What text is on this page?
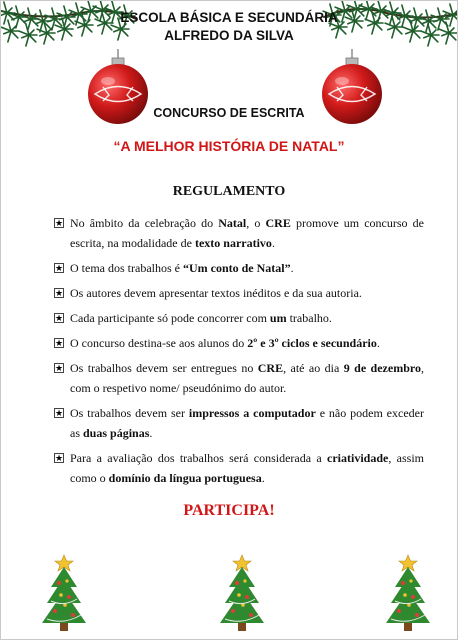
ESCOLA BÁSICA E SECUNDÁRIA
ALFREDO DA SILVA
CONCURSO DE ESCRITA
“A MELHOR HISTÓRIA DE NATAL”
REGULAMENTO
★ No âmbito da celebração do Natal, o CRE promove um concurso de escrita, na modalidade de texto narrativo.
★ O tema dos trabalhos é “Um conto de Natal”.
★ Os autores devem apresentar textos inéditos e da sua autoria.
★ Cada participante só pode concorrer com um trabalho.
★ O concurso destina-se aos alunos do 2º e 3º ciclos e secundário.
★ Os trabalhos devem ser entregues no CRE, até ao dia 9 de dezembro, com o respetivo nome/ pseudónimo do autor.
★ Os trabalhos devem ser impressos a computador e não podem exceder as duas páginas.
★ Para a avaliação dos trabalhos será considerada a criatividade, assim como o domínio da língua portuguesa.
PARTICIPA!
